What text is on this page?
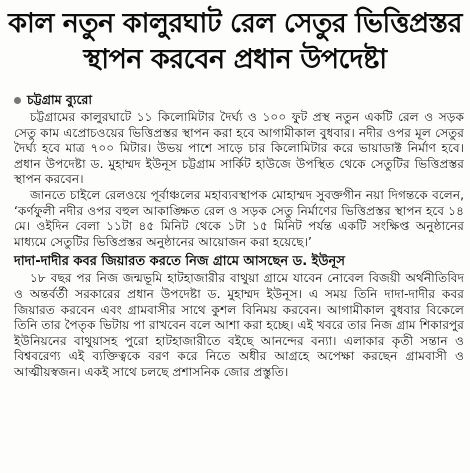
কাল নতুন কালুরঘাট রেল সেতুর ভিত্তিপ্রস্তর
স্থাপন করবেন প্রধান উপদেষ্টা
চট্টগ্রাম ব্যুরো

চট্টগ্রামের কালুরঘাটে ১১ কিলোমিটার দৈর্ঘ্য ও ১০০ ফুট প্রস্থ নতুন একটি রেল ও সড়ক সেতু কাম এপ্রোচওয়ের ভিত্তিপ্রস্তর স্থাপন করা হবে আগামীকাল বুধবার। নদীর ওপর মূল সেতুর দৈর্ঘ্য হবে মাত্র ৭০০ মিটার। উভয় পাশে সাড়ে চার কিলোমিটার করে ভায়াডাক্ট নির্মাণ হবে। প্রধান উপদেষ্টা ড. মুহাম্মদ ইউনূস চট্টগ্রাম সার্কিট হাউজে উপস্থিত থেকে সেতুটির ভিত্তিপ্রস্তর স্থাপন করবেন।

জানতে চাইলে রেলওয়ে পূর্বাঞ্চলের মহাব্যবস্থাপক মোহাম্মদ সুবক্তগীন নয়া দিগন্তকে বলেন, ‘কর্ণফুলী নদীর ওপর বহুল আকাঙ্ক্ষিত রেল ও সড়ক সেতু নির্মাণের ভিত্তিপ্রস্তর স্থাপন হবে ১৪ মে। ওইদিন বেলা ১১টা ৪৫ মিনিট থেকে ১টা ১৫ মিনিট পর্যন্ত একটি সংক্ষিপ্ত অনুষ্ঠানের মাধ্যমে সেতুটির ভিত্তিপ্রস্তর অনুষ্ঠানের আয়োজন করা হয়েছে।’

দাদা-দাদীর কবর জিয়ারত করতে নিজ গ্রামে আসছেন ড. ইউনূস

১৮ বছর পর নিজ জন্মভূমি হাটহাজারীর বাথুয়া গ্রামে যাবেন নোবেল বিজয়ী অর্থনীতিবিদ ও অন্তর্বর্তী সরকারের প্রধান উপদেষ্টা ড. মুহাম্মদ ইউনূস। এ সময় তিনি দাদা-দাদীর কবর জিয়ারত করবেন এবং গ্রামবাসীর সাথে কুশল বিনিময় করবেন। আগামীকাল বুধবার বিকেলে তিনি তার পৈতৃক ভিটায় পা রাখবেন বলে আশা করা হচ্ছে। এই খবরে তার নিজ গ্রাম শিকারপুর ইউনিয়নের বাথুয়াসহ পুরো হাটহাজারীতে বইছে আনন্দের বন্যা। এলাকার কৃতী সন্তান ও বিশ্ববরেণ্য এই ব্যক্তিত্বকে বরণ করে নিতে অধীর আগ্রহে অপেক্ষা করছেন গ্রামবাসী ও আত্মীয়স্বজন। একই সাথে চলছে প্রশাসনিক জোর প্রস্তুতি।
